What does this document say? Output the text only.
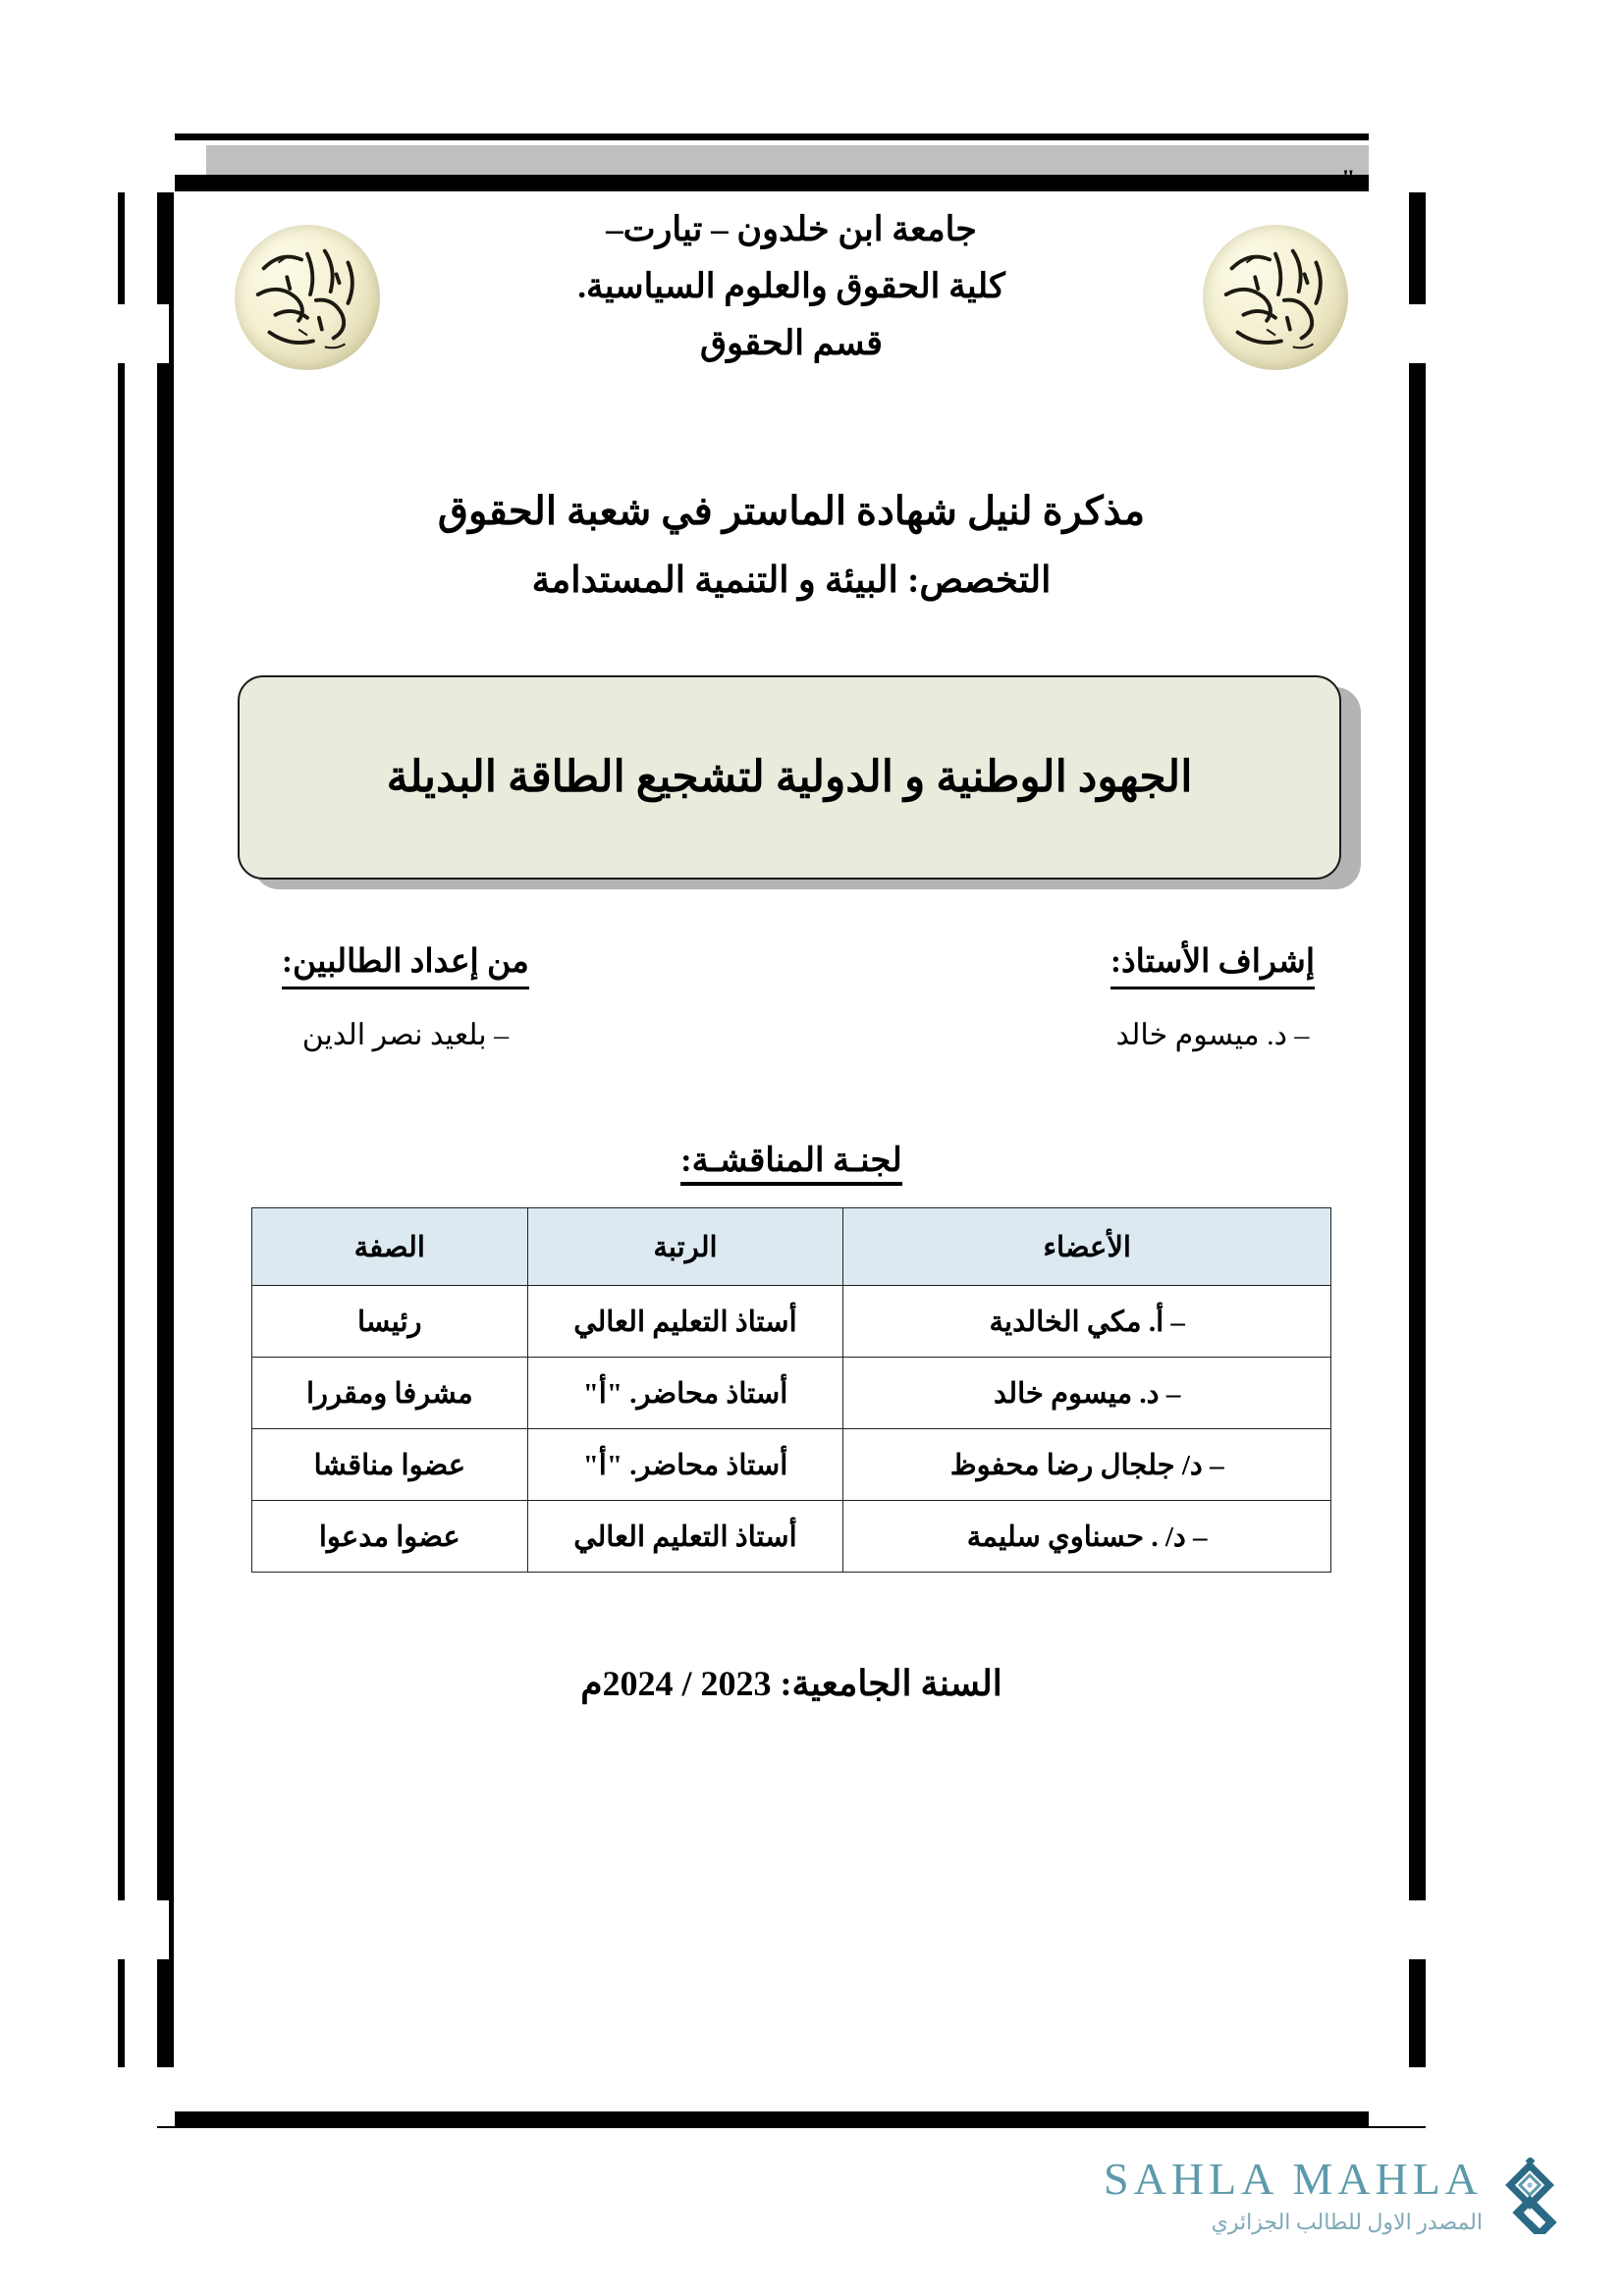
"
جامعة ابن خلدون – تيارت–
كلية الحقوق والعلوم السياسية.
قسم الحقوق
مذكرة لنيل شهادة الماستر في شعبة الحقوق
التخصص: البيئة و التنمية المستدامة
الجهود الوطنية و الدولية لتشجيع الطاقة البديلة
إشراف الأستاذ:
– د. ميسوم خالد
من إعداد الطالبين:
– بلعيد نصر الدين
لجنـة المناقشـة:
الأعضاء	الرتبة	الصفة
– أ. مكي الخالدية	أستاذ التعليم العالي	رئيسا
– د. ميسوم خالد	أستاذ محاضر. "أ"	مشرفا ومقررا
– د/ جلجال رضا محفوظ	أستاذ محاضر. "أ"	عضوا مناقشا
– د/ . حسناوي سليمة	أستاذ التعليم العالي	عضوا مدعوا
السنة الجامعية: 2023 / 2024م
SAHLA MAHLA
المصدر الاول للطالب الجزائري
